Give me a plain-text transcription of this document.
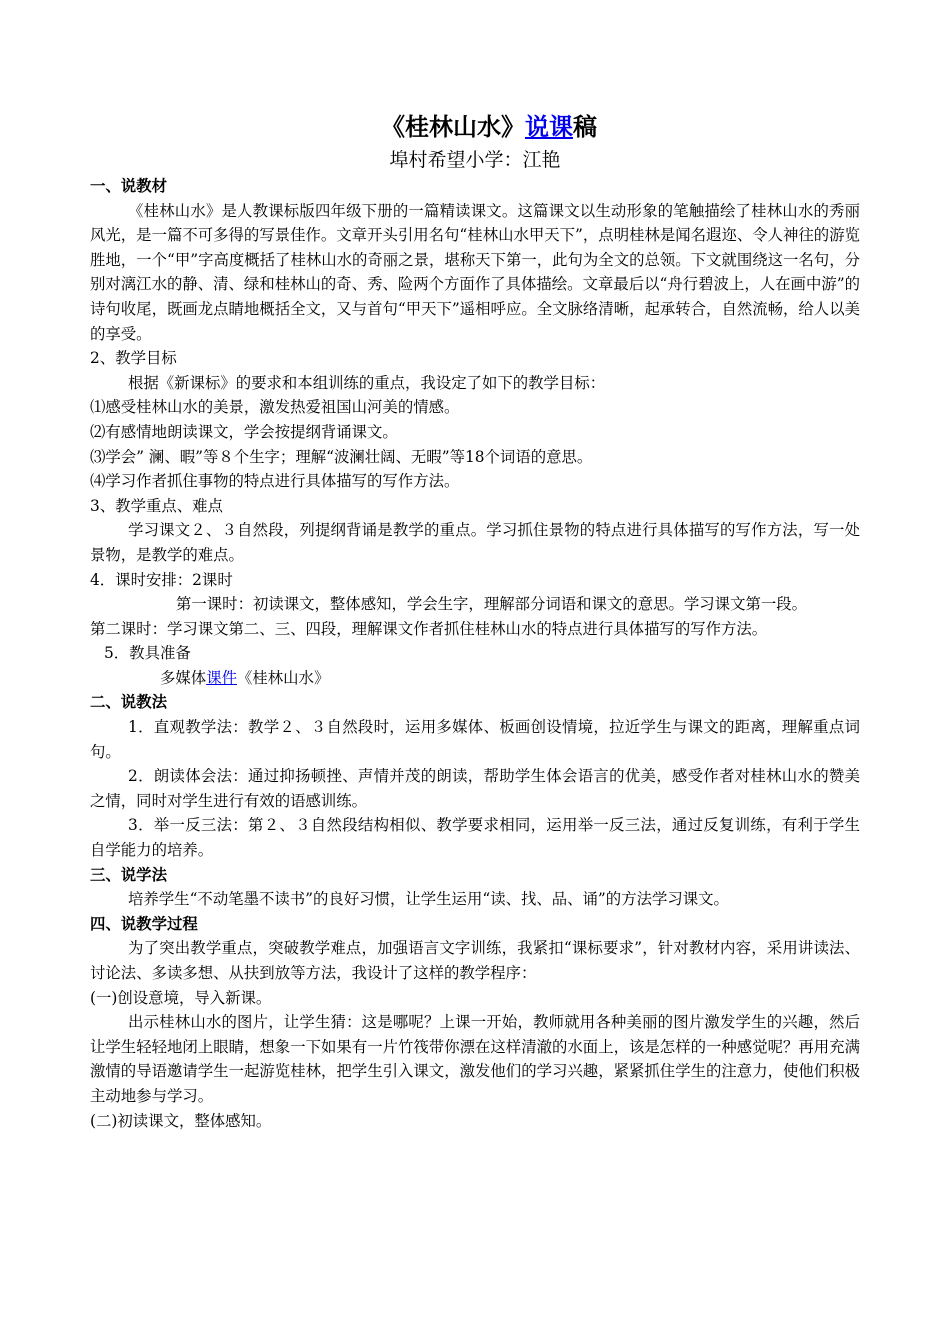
《桂林山水》说课稿
埠村希望小学：江艳

一、说教材

《桂林山水》是人教课标版四年级下册的一篇精读课文。这篇课文以生动形象的笔触描绘了桂林山水的秀丽风光，是一篇不可多得的写景佳作。文章开头引用名句“桂林山水甲天下”，点明桂林是闻名遐迩、令人神往的游览胜地，一个“甲”字高度概括了桂林山水的奇丽之景，堪称天下第一，此句为全文的总领。下文就围绕这一名句，分别对漓江水的静、清、绿和桂林山的奇、秀、险两个方面作了具体描绘。文章最后以“舟行碧波上，人在画中游”的诗句收尾，既画龙点睛地概括全文，又与首句“甲天下”遥相呼应。全文脉络清晰，起承转合，自然流畅，给人以美的享受。

2、教学目标

根据《新课标》的要求和本组训练的重点，我设定了如下的教学目标：

⑴感受桂林山水的美景，激发热爱祖国山河美的情感。

⑵有感情地朗读课文，学会按提纲背诵课文。

⑶学会” 澜、暇”等８个生字；理解“波澜壮阔、无暇”等18个词语的意思。

⑷学习作者抓住事物的特点进行具体描写的写作方法。

3、教学重点、难点

学习课文２、３自然段，列提纲背诵是教学的重点。学习抓住景物的特点进行具体描写的写作方法，写一处景物，是教学的难点。

4．课时安排：2课时

第一课时：初读课文，整体感知，学会生字，理解部分词语和课文的意思。学习课文第一段。

第二课时：学习课文第二、三、四段，理解课文作者抓住桂林山水的特点进行具体描写的写作方法。

5．教具准备

多媒体课件《桂林山水》

二、说教法

1．直观教学法：教学２、３自然段时，运用多媒体、板画创设情境，拉近学生与课文的距离，理解重点词句。

2．朗读体会法：通过抑扬顿挫、声情并茂的朗读，帮助学生体会语言的优美，感受作者对桂林山水的赞美之情，同时对学生进行有效的语感训练。

3．举一反三法：第２、３自然段结构相似、教学要求相同，运用举一反三法，通过反复训练，有利于学生自学能力的培养。

三、说学法

培养学生“不动笔墨不读书”的良好习惯，让学生运用“读、找、品、诵”的方法学习课文。

四、说教学过程

为了突出教学重点，突破教学难点，加强语言文字训练，我紧扣“课标要求”，针对教材内容，采用讲读法、讨论法、多读多想、从扶到放等方法，我设计了这样的教学程序：

(一)创设意境，导入新课。

出示桂林山水的图片，让学生猜：这是哪呢？上课一开始，教师就用各种美丽的图片激发学生的兴趣，然后让学生轻轻地闭上眼睛，想象一下如果有一片竹筏带你漂在这样清澈的水面上，该是怎样的一种感觉呢？再用充满激情的导语邀请学生一起游览桂林，把学生引入课文，激发他们的学习兴趣，紧紧抓住学生的注意力，使他们积极主动地参与学习。

(二)初读课文，整体感知。
